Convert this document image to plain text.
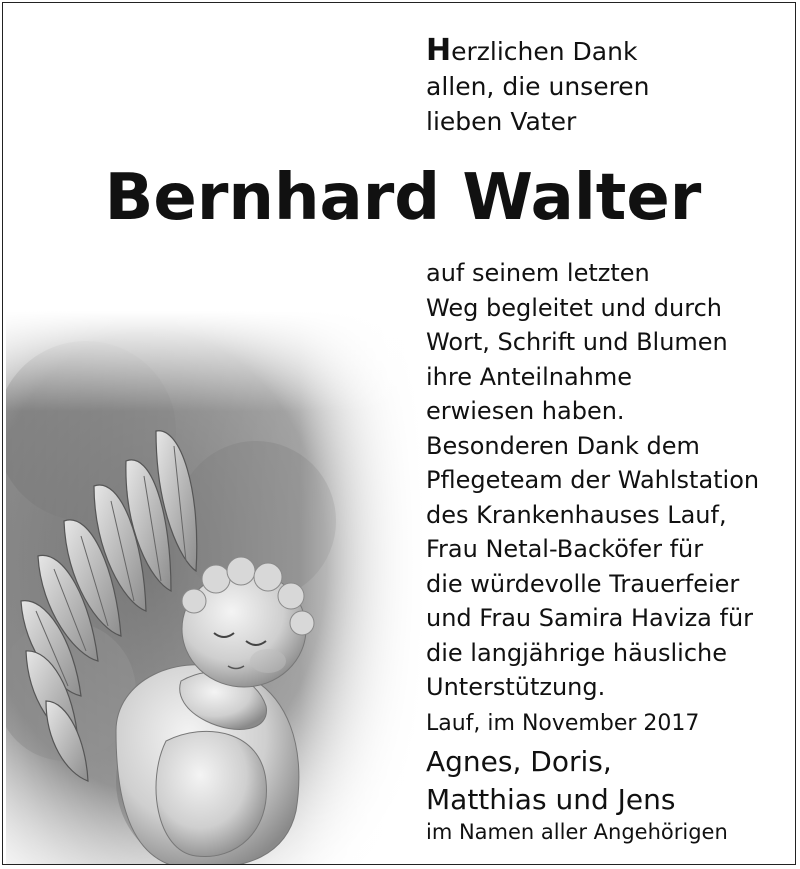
Herzlichen Dank
allen, die unseren
lieben Vater
Bernhard Walter
auf seinem letzten
Weg begleitet und durch
Wort, Schrift und Blumen
ihre Anteilnahme
erwiesen haben.
Besonderen Dank dem
Pflegeteam der Wahlstation
des Krankenhauses Lauf,
Frau Netal-Backöfer für
die würdevolle Trauerfeier
und Frau Samira Haviza für
die langjährige häusliche
Unterstützung.
Lauf, im November 2017
Agnes, Doris,
Matthias und Jens
im Namen aller Angehörigen
